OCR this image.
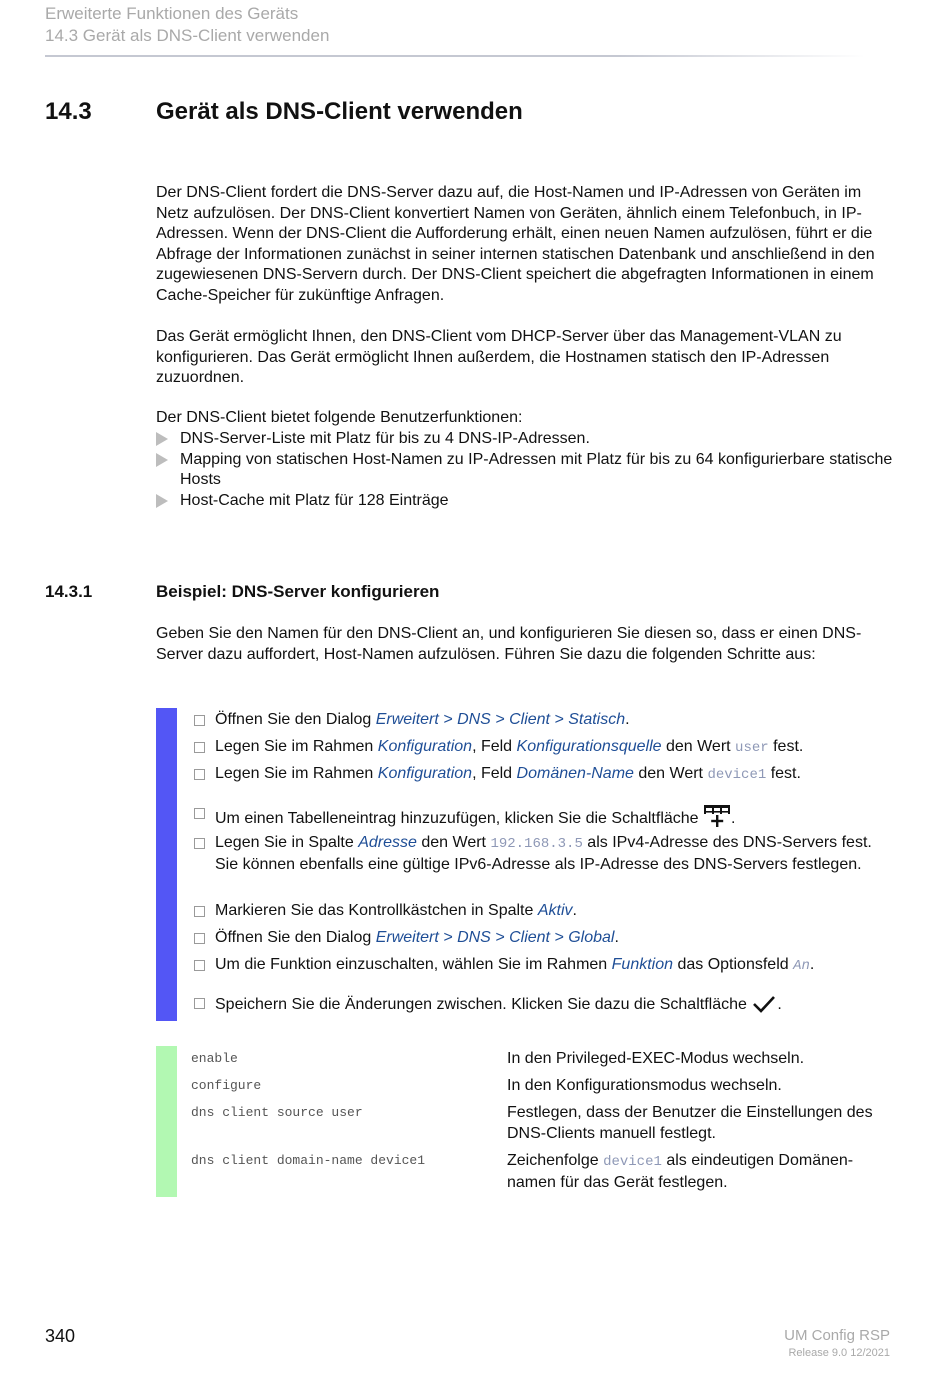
Erweiterte Funktionen des Geräts
14.3 Gerät als DNS-Client verwenden
14.3	Gerät als DNS-Client verwenden
Der DNS-Client fordert die DNS-Server dazu auf, die Host-Namen und IP-Adressen von Geräten im Netz aufzulösen. Der DNS-Client konvertiert Namen von Geräten, ähnlich einem Telefonbuch, in IP-Adressen. Wenn der DNS-Client die Aufforderung erhält, einen neuen Namen aufzulösen, führt er die Abfrage der Informationen zunächst in seiner internen statischen Datenbank und anschließend in den zugewiesenen DNS-Servern durch. Der DNS-Client speichert die abgefragten Informationen in einem Cache-Speicher für zukünftige Anfragen.
Das Gerät ermöglicht Ihnen, den DNS-Client vom DHCP-Server über das Management-VLAN zu konfigurieren. Das Gerät ermöglicht Ihnen außerdem, die Hostnamen statisch den IP-Adressen zuzuordnen.
Der DNS-Client bietet folgende Benutzerfunktionen:
DNS-Server-Liste mit Platz für bis zu 4 DNS-IP-Adressen.
Mapping von statischen Host-Namen zu IP-Adressen mit Platz für bis zu 64 konfigurierbare statische Hosts
Host-Cache mit Platz für 128 Einträge
14.3.1	Beispiel: DNS-Server konfigurieren
Geben Sie den Namen für den DNS-Client an, und konfigurieren Sie diesen so, dass er einen DNS-Server dazu auffordert, Host-Namen aufzulösen. Führen Sie dazu die folgenden Schritte aus:
Öffnen Sie den Dialog Erweitert > DNS > Client > Statisch.
Legen Sie im Rahmen Konfiguration, Feld Konfigurationsquelle den Wert user fest.
Legen Sie im Rahmen Konfiguration, Feld Domänen-Name den Wert device1 fest.
Um einen Tabelleneintrag hinzuzufügen, klicken Sie die Schaltfläche .
Legen Sie in Spalte Adresse den Wert 192.168.3.5 als IPv4-Adresse des DNS-Servers fest. Sie können ebenfalls eine gültige IPv6-Adresse als IP-Adresse des DNS-Servers festlegen.
Markieren Sie das Kontrollkästchen in Spalte Aktiv.
Öffnen Sie den Dialog Erweitert > DNS > Client > Global.
Um die Funktion einzuschalten, wählen Sie im Rahmen Funktion das Optionsfeld An.
Speichern Sie die Änderungen zwischen. Klicken Sie dazu die Schaltfläche .
enable	In den Privileged-EXEC-Modus wechseln.
configure	In den Konfigurationsmodus wechseln.
dns client source user	Festlegen, dass der Benutzer die Einstellungen des DNS-Clients manuell festlegt.
dns client domain-name device1	Zeichenfolge device1 als eindeutigen Domänen-namen für das Gerät festlegen.
340	UM Config RSP
Release 9.0 12/2021
